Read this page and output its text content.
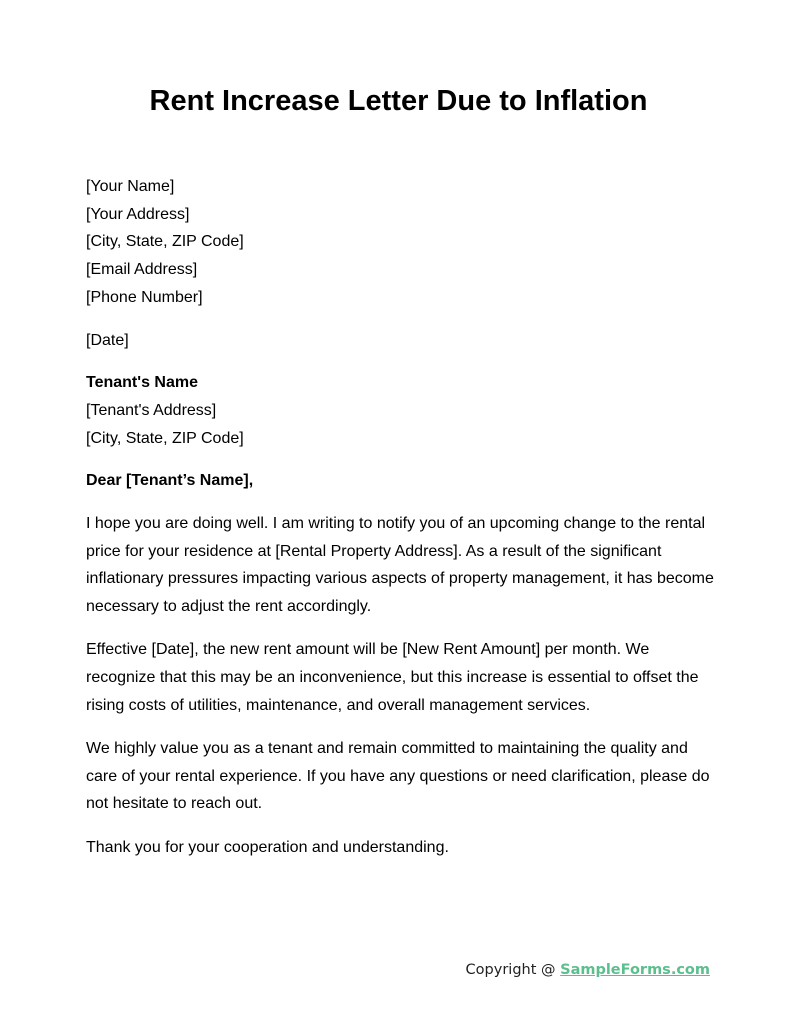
Rent Increase Letter Due to Inflation
[Your Name]
[Your Address]
[City, State, ZIP Code]
[Email Address]
[Phone Number]
[Date]
Tenant's Name
[Tenant's Address]
[City, State, ZIP Code]
Dear [Tenant’s Name],

I hope you are doing well. I am writing to notify you of an upcoming change to the rental price for your residence at [Rental Property Address]. As a result of the significant inflationary pressures impacting various aspects of property management, it has become necessary to adjust the rent accordingly.

Effective [Date], the new rent amount will be [New Rent Amount] per month. We recognize that this may be an inconvenience, but this increase is essential to offset the rising costs of utilities, maintenance, and overall management services.

We highly value you as a tenant and remain committed to maintaining the quality and care of your rental experience. If you have any questions or need clarification, please do not hesitate to reach out.

Thank you for your cooperation and understanding.

Copyright @ SampleForms.com
